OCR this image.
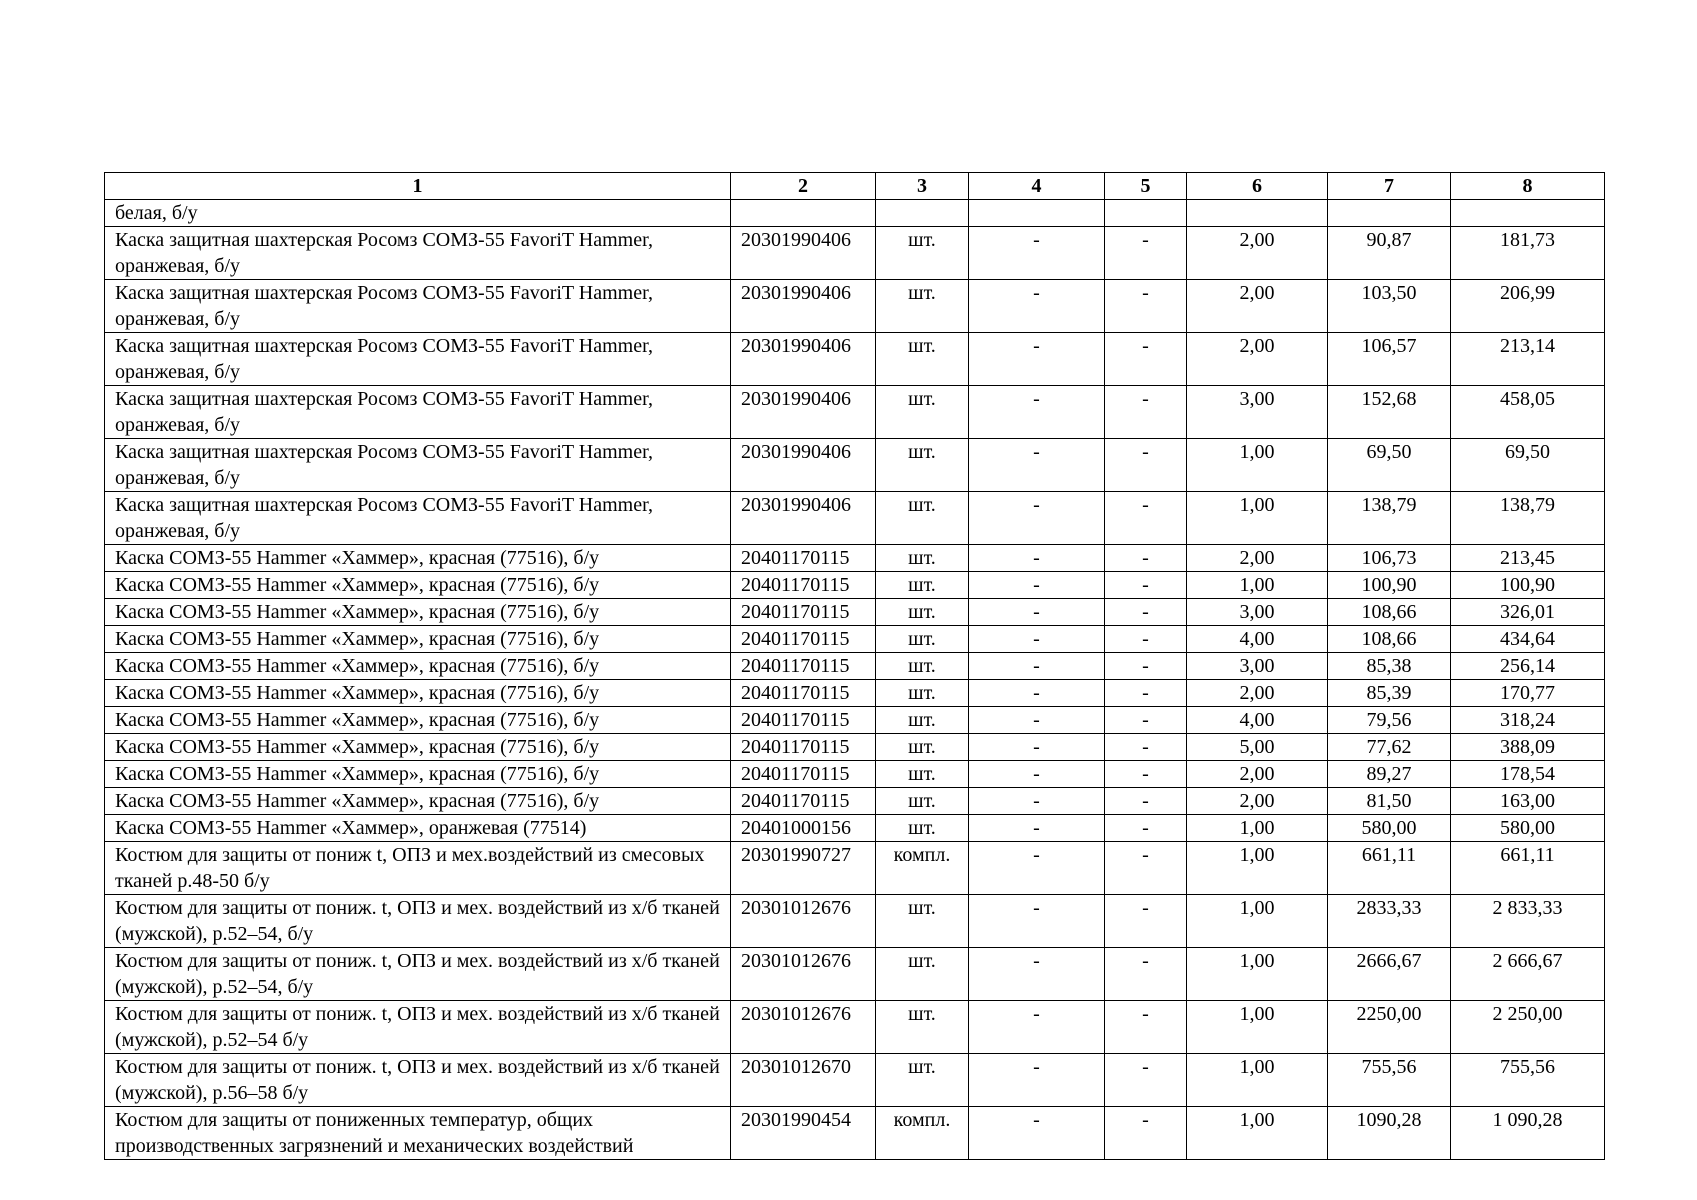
1	2	3	4	5	6	7	8
белая, б/у							
Каска защитная шахтерская Росомз СОМЗ-55 FavoriT Hammer, оранжевая, б/у	20301990406	шт.	-	-	2,00	90,87	181,73
Каска защитная шахтерская Росомз СОМЗ-55 FavoriT Hammer, оранжевая, б/у	20301990406	шт.	-	-	2,00	103,50	206,99
Каска защитная шахтерская Росомз СОМЗ-55 FavoriT Hammer, оранжевая, б/у	20301990406	шт.	-	-	2,00	106,57	213,14
Каска защитная шахтерская Росомз СОМЗ-55 FavoriT Hammer, оранжевая, б/у	20301990406	шт.	-	-	3,00	152,68	458,05
Каска защитная шахтерская Росомз СОМЗ-55 FavoriT Hammer, оранжевая, б/у	20301990406	шт.	-	-	1,00	69,50	69,50
Каска защитная шахтерская Росомз СОМЗ-55 FavoriT Hammer, оранжевая, б/у	20301990406	шт.	-	-	1,00	138,79	138,79
Каска СОМЗ-55 Hammer «Хаммер», красная (77516), б/у	20401170115	шт.	-	-	2,00	106,73	213,45
Каска СОМЗ-55 Hammer «Хаммер», красная (77516), б/у	20401170115	шт.	-	-	1,00	100,90	100,90
Каска СОМЗ-55 Hammer «Хаммер», красная (77516), б/у	20401170115	шт.	-	-	3,00	108,66	326,01
Каска СОМЗ-55 Hammer «Хаммер», красная (77516), б/у	20401170115	шт.	-	-	4,00	108,66	434,64
Каска СОМЗ-55 Hammer «Хаммер», красная (77516), б/у	20401170115	шт.	-	-	3,00	85,38	256,14
Каска СОМЗ-55 Hammer «Хаммер», красная (77516), б/у	20401170115	шт.	-	-	2,00	85,39	170,77
Каска СОМЗ-55 Hammer «Хаммер», красная (77516), б/у	20401170115	шт.	-	-	4,00	79,56	318,24
Каска СОМЗ-55 Hammer «Хаммер», красная (77516), б/у	20401170115	шт.	-	-	5,00	77,62	388,09
Каска СОМЗ-55 Hammer «Хаммер», красная (77516), б/у	20401170115	шт.	-	-	2,00	89,27	178,54
Каска СОМЗ-55 Hammer «Хаммер», красная (77516), б/у	20401170115	шт.	-	-	2,00	81,50	163,00
Каска СОМЗ-55 Hammer «Хаммер», оранжевая (77514)	20401000156	шт.	-	-	1,00	580,00	580,00
Костюм для защиты от пониж t, ОПЗ и мех.воздействий из смесовых тканей р.48-50 б/у	20301990727	компл.	-	-	1,00	661,11	661,11
Костюм для защиты от пониж. t, ОПЗ и мех. воздействий из х/б тканей (мужской), р.52–54, б/у	20301012676	шт.	-	-	1,00	2833,33	2 833,33
Костюм для защиты от пониж. t, ОПЗ и мех. воздействий из х/б тканей (мужской), р.52–54, б/у	20301012676	шт.	-	-	1,00	2666,67	2 666,67
Костюм для защиты от пониж. t, ОПЗ и мех. воздействий из х/б тканей (мужской), р.52–54 б/у	20301012676	шт.	-	-	1,00	2250,00	2 250,00
Костюм для защиты от пониж. t, ОПЗ и мех. воздействий из х/б тканей (мужской), р.56–58 б/у	20301012670	шт.	-	-	1,00	755,56	755,56
Костюм для защиты от пониженных температур, общих производственных загрязнений и механических воздействий	20301990454	компл.	-	-	1,00	1090,28	1 090,28
